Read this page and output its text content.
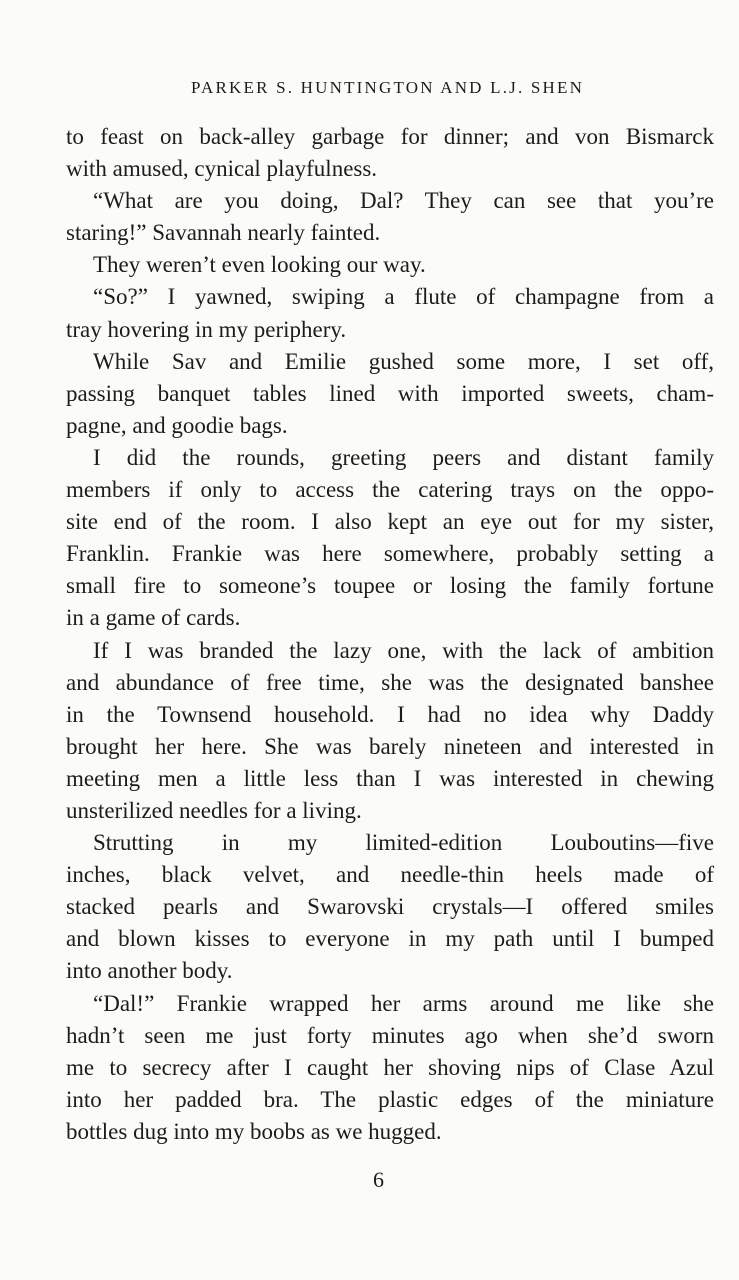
PARKER S. HUNTINGTON AND L.J. SHEN

to feast on back-alley garbage for dinner; and von Bismarck
with amused, cynical playfulness.

“What are you doing, Dal? They can see that you’re
staring!” Savannah nearly fainted.

They weren’t even looking our way.

“So?” I yawned, swiping a flute of champagne from a
tray hovering in my periphery.

While Sav and Emilie gushed some more, I set off,
passing banquet tables lined with imported sweets, cham-
pagne, and goodie bags.

I did the rounds, greeting peers and distant family
members if only to access the catering trays on the oppo-
site end of the room. I also kept an eye out for my sister,
Franklin. Frankie was here somewhere, probably setting a
small fire to someone’s toupee or losing the family fortune
in a game of cards.

If I was branded the lazy one, with the lack of ambition
and abundance of free time, she was the designated banshee
in the Townsend household. I had no idea why Daddy
brought her here. She was barely nineteen and interested in
meeting men a little less than I was interested in chewing
unsterilized needles for a living.

Strutting in my limited-edition Louboutins—five
inches, black velvet, and needle-thin heels made of
stacked pearls and Swarovski crystals—I offered smiles
and blown kisses to everyone in my path until I bumped
into another body.

“Dal!” Frankie wrapped her arms around me like she
hadn’t seen me just forty minutes ago when she’d sworn
me to secrecy after I caught her shoving nips of Clase Azul
into her padded bra. The plastic edges of the miniature
bottles dug into my boobs as we hugged.

6
